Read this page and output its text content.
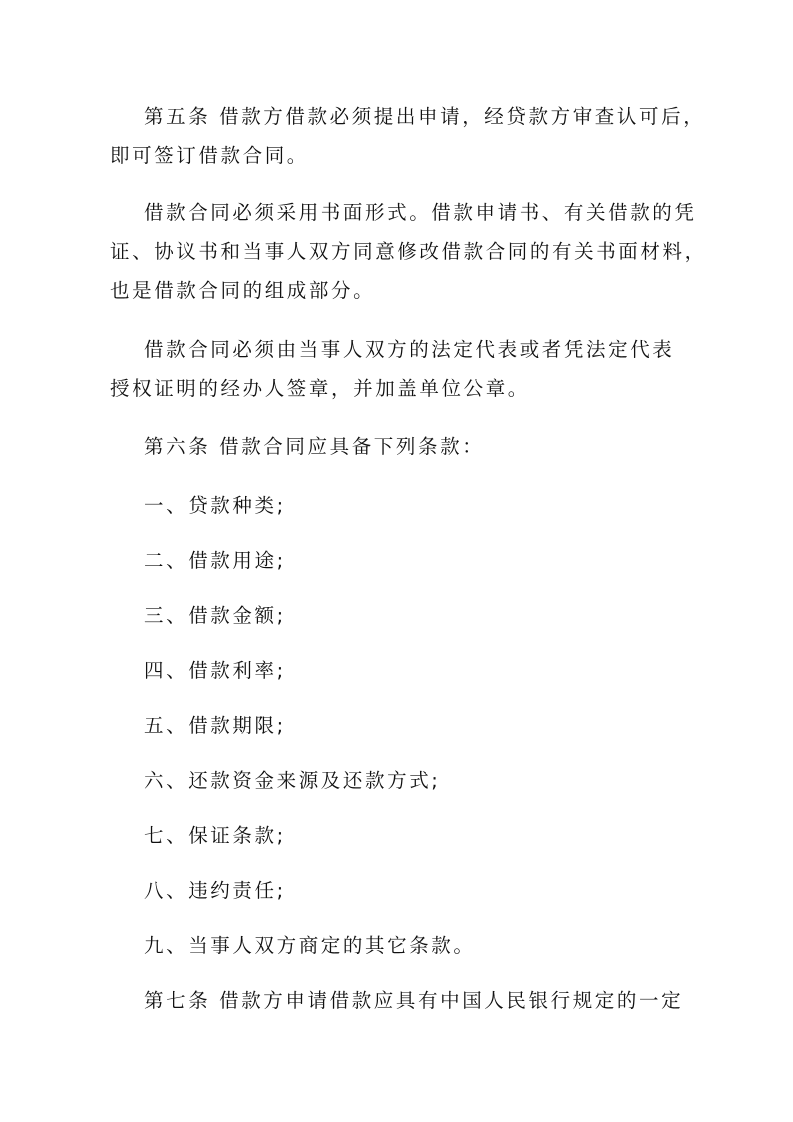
第五条 借款方借款必须提出申请，经贷款方审查认可后，
即可签订借款合同。

借款合同必须采用书面形式。借款申请书、有关借款的凭
证、协议书和当事人双方同意修改借款合同的有关书面材料，
也是借款合同的组成部分。

借款合同必须由当事人双方的法定代表或者凭法定代表
授权证明的经办人签章，并加盖单位公章。

第六条 借款合同应具备下列条款：

一、贷款种类;

二、借款用途;

三、借款金额;

四、借款利率;

五、借款期限;

六、还款资金来源及还款方式;

七、保证条款;

八、违约责任;

九、当事人双方商定的其它条款。

第七条 借款方申请借款应具有中国人民银行规定的一定
